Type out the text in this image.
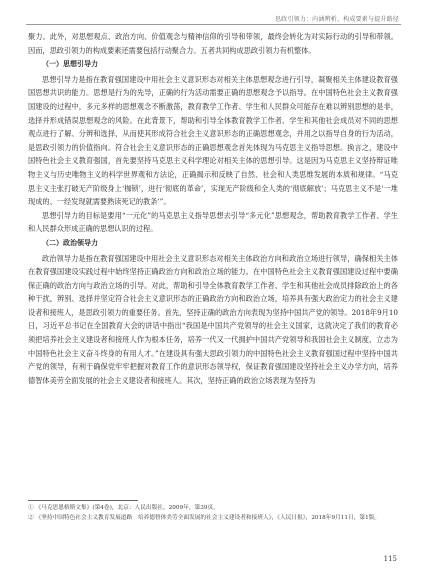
思政引领力：内涵辨析、构成要素与提升路径

聚力。此外，对思想观点、政治方向、价值观念与精神信仰的引导和带领，最终会转化为对实际行动的引导和带领。因而，思政引领力的构成要素还需要包括行动聚合力。五者共同构成思政引领力有机整体。

（一）思想引导力

思想引导力是指在教育强国建设中用社会主义意识形态对相关主体思想观念进行引导，凝聚相关主体建设教育强国思想共识的能力。思想是行为的先导，正确的行为活动需要正确的思想观念予以指导。在中国特色社会主义教育强国建设的过程中，多元多样的思想观念不断激荡，教育教学工作者、学生和人民群众可能存在难以辨别思想的是非，选择并形成错误思想观念的风险。在此背景下，帮助和引导全体教育教学工作者、学生和其他社会成员对不同的思想观点进行了解、分辨和选择，从而使其形成符合社会主义意识形态的正确思想观念，并用之以指导自身的行为活动，是思政引领力的价值指向。符合社会主义意识形态的正确思想观念首先体现为马克思主义指导思想。换言之，建设中国特色社会主义教育强国，首先要坚持马克思主义科学理论对相关主体的思想引导。这是因为马克思主义坚持辩证唯物主义与历史唯物主义的科学世界观和方法论，正确揭示和反映了自然、社会和人类思维发展的本质和规律。“马克思主义主张打破无产阶级身上‘枷锁’，进行‘彻底的革命’，实现无产阶级和全人类的‘彻底解放’；马克思主义不是‘一堆现成的、一经发现就需要熟读死记的教条’”。

思想引导力的目标是要用“一元化”的马克思主义指导思想去引导“多元化”思想观念，帮助教育教学工作者、学生和人民群众形成正确的思想认识的过程。

（二）政治领导力

政治领导力是指在教育强国建设中用社会主义意识形态对相关主体政治方向和政治立场进行领导，确保相关主体在教育强国建设实践过程中始终坚持正确政治方向和政治立场的能力。在中国特色社会主义教育强国建设过程中要确保正确的政治方向与政治立场的引导。对此，帮助和引导全体教育教学工作者、学生和其他社会成员排除政治上的各种干扰，辨别、选择并坚定符合社会主义意识形态的正确政治方向和政治立场，培养具有强大政治定力的社会主义建设者和接班人，是思政引领力的重要任务。首先，坚持正确的政治方向表现为坚持中国共产党的领导。2018年9月10日，习近平总书记在全国教育大会的讲话中指出“我国是中国共产党领导的社会主义国家，这就决定了我们的教育必须把培养社会主义建设者和接班人作为根本任务，培养一代又一代拥护中国共产党领导和我国社会主义制度、立志为中国特色社会主义奋斗终身的有用人才。”在建设具有强大思政引领力的中国特色社会主义教育强国过程中坚持中国共产党的领导，有利于确保党牢牢把握对教育工作的意识形态领导权，保证教育强国建设坚持社会主义办学方向，培养德智体美劳全面发展的社会主义建设者和接班人。其次，坚持正确的政治立场表现为坚持为

① 《马克思恩格斯文集》(第4卷)，北京：人民出版社，2009年，第39页。

② 《坚持中国特色社会主义教育发展道路　培养德智体美劳全面发展的社会主义建设者和接班人》，《人民日报》，2018年9月11日，第1版。

115
